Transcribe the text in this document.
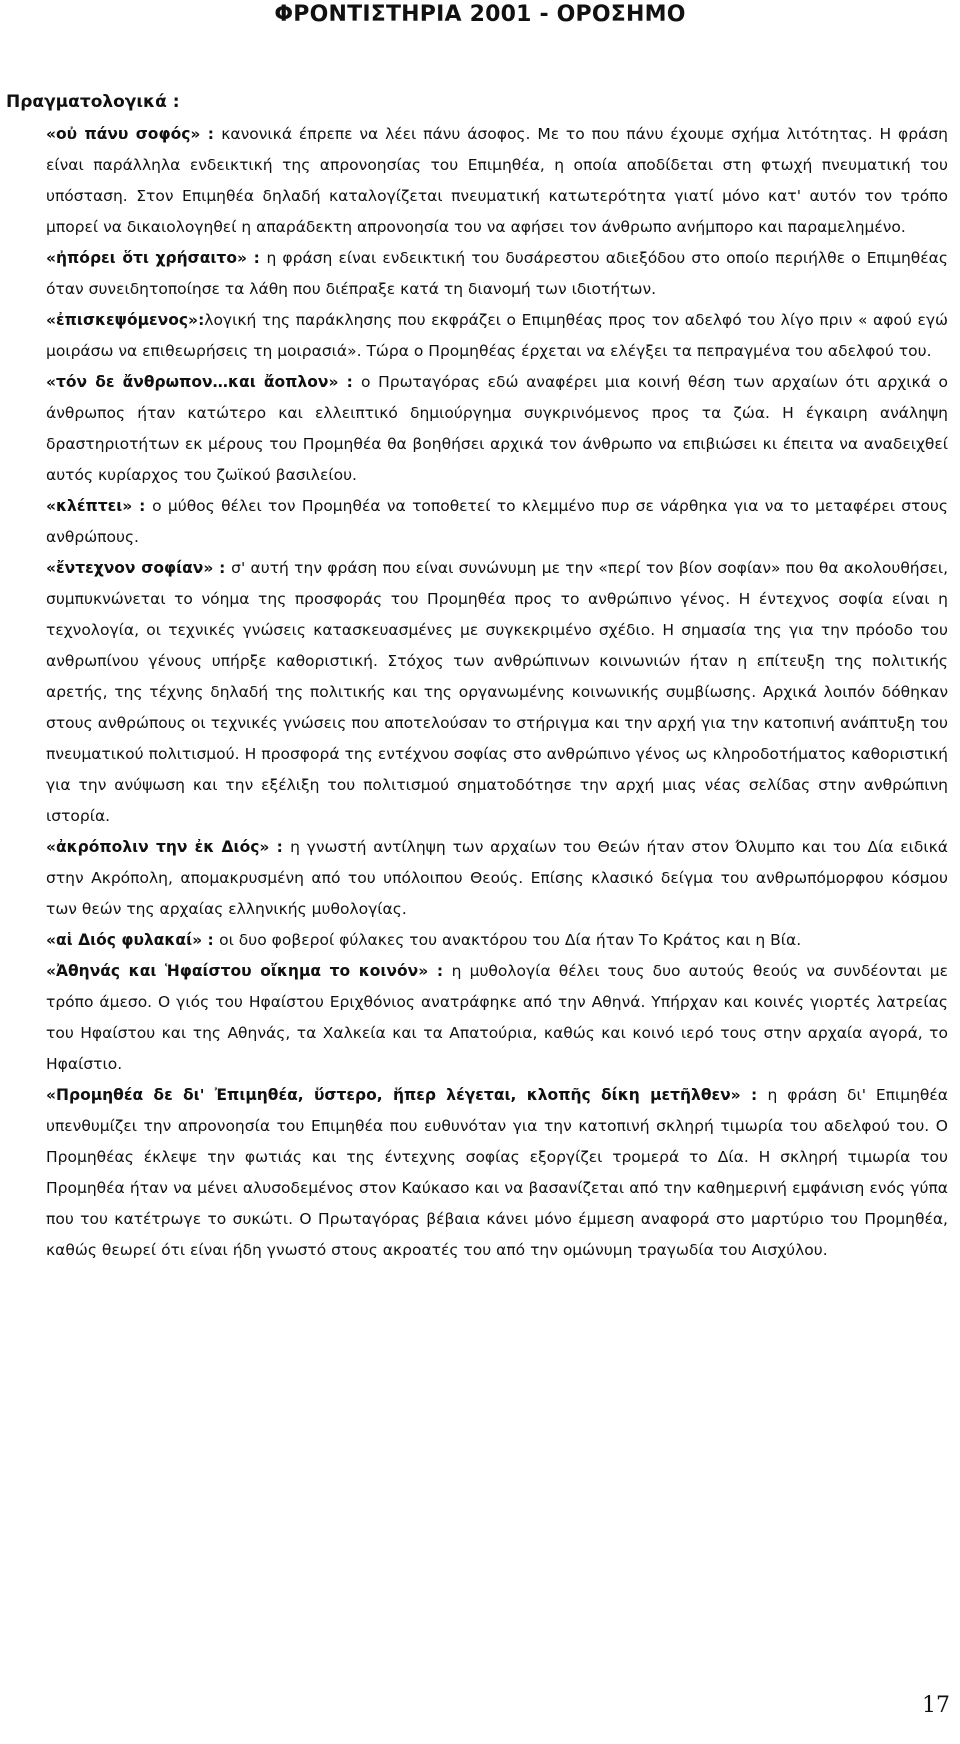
ΦΡΟΝΤΙΣΤΗΡΙΑ 2001 - ΟΡΟΣΗΜΟ
Πραγματολογικά :

«οὐ πάνυ σοφός» : κανονικά έπρεπε να λέει πάνυ άσοφος. Με το που πάνυ έχουμε σχήμα λιτότητας. Η φράση είναι παράλληλα ενδεικτική της απρονοησίας του Επιμηθέα, η οποία αποδίδεται στη φτωχή πνευματική του υπόσταση. Στον Επιμηθέα δηλαδή καταλογίζεται πνευματική κατωτερότητα γιατί μόνο κατ' αυτόν τον τρόπο μπορεί να δικαιολογηθεί η απαράδεκτη απρονοησία του να αφήσει τον άνθρωπο ανήμπορο και παραμελημένο.

«ἠπόρει ὅτι χρήσαιτο» : η φράση είναι ενδεικτική του δυσάρεστου αδιεξόδου στο οποίο περιήλθε ο Επιμηθέας όταν συνειδητοποίησε τα λάθη που διέπραξε κατά τη διανομή των ιδιοτήτων.

«ἐπισκεψόμενος»:λογική της παράκλησης που εκφράζει ο Επιμηθέας προς τον αδελφό του λίγο πριν « αφού εγώ μοιράσω να επιθεωρήσεις τη μοιρασιά». Τώρα ο Προμηθέας έρχεται να ελέγξει τα πεπραγμένα του αδελφού του.

«τόν δε ἄνθρωπον…και ἄοπλον» : ο Πρωταγόρας εδώ αναφέρει μια κοινή θέση των αρχαίων ότι αρχικά ο άνθρωπος ήταν κατώτερο και ελλειπτικό δημιούργημα συγκρινόμενος προς τα ζώα. Η έγκαιρη ανάληψη δραστηριοτήτων εκ μέρους του Προμηθέα θα βοηθήσει αρχικά τον άνθρωπο να επιβιώσει κι έπειτα να αναδειχθεί αυτός κυρίαρχος του ζωϊκού βασιλείου.

«κλέπτει» : ο μύθος θέλει τον Προμηθέα να τοποθετεί το κλεμμένο πυρ σε νάρθηκα για να το μεταφέρει στους ανθρώπους.

«ἔντεχνον σοφίαν» : σ' αυτή την φράση που είναι συνώνυμη με την «περί τον βίον σοφίαν» που θα ακολουθήσει, συμπυκνώνεται το νόημα της προσφοράς του Προμηθέα προς το ανθρώπινο γένος. Η έντεχνος σοφία είναι η τεχνολογία, οι τεχνικές γνώσεις κατασκευασμένες με συγκεκριμένο σχέδιο. Η σημασία της για την πρόοδο του ανθρωπίνου γένους υπήρξε καθοριστική. Στόχος των ανθρώπινων κοινωνιών ήταν η επίτευξη της πολιτικής αρετής, της τέχνης δηλαδή της πολιτικής και της οργανωμένης κοινωνικής συμβίωσης. Αρχικά λοιπόν δόθηκαν στους ανθρώπους οι τεχνικές γνώσεις που αποτελούσαν το στήριγμα και την αρχή για την κατοπινή ανάπτυξη του πνευματικού πολιτισμού. Η προσφορά της εντέχνου σοφίας στο ανθρώπινο γένος ως κληροδοτήματος καθοριστική για την ανύψωση και την εξέλιξη του πολιτισμού σηματοδότησε την αρχή μιας νέας σελίδας στην ανθρώπινη ιστορία.

«ἀκρόπολιν την ἐκ Διός» : η γνωστή αντίληψη των αρχαίων του Θεών ήταν στον Όλυμπο και του Δία ειδικά στην Ακρόπολη, απομακρυσμένη από του υπόλοιπου Θεούς. Επίσης κλασικό δείγμα του ανθρωπόμορφου κόσμου των θεών της αρχαίας ελληνικής μυθολογίας.

«αἱ Διός φυλακαί» : οι δυο φοβεροί φύλακες του ανακτόρου του Δία ήταν Το Κράτος και η Βία.

«Ἀθηνάς και Ἡφαίστου οἴκημα το κοινόν» : η μυθολογία θέλει τους δυο αυτούς θεούς να συνδέονται με τρόπο άμεσο. Ο γιός του Ηφαίστου Εριχθόνιος ανατράφηκε από την Αθηνά. Υπήρχαν και κοινές γιορτές λατρείας του Ηφαίστου και της Αθηνάς, τα Χαλκεία και τα Απατούρια, καθώς και κοινό ιερό τους στην αρχαία αγορά, το Ηφαίστιο.

«Προμηθέα δε δι' Ἐπιμηθέα, ὕστερο, ἥπερ λέγεται, κλοπῆς δίκη μετῆλθεν» : η φράση δι' Επιμηθέα υπενθυμίζει την απρονοησία του Επιμηθέα που ευθυνόταν για την κατοπινή σκληρή τιμωρία του αδελφού του. Ο Προμηθέας έκλεψε την φωτιάς και της έντεχνης σοφίας εξοργίζει τρομερά το Δία. Η σκληρή τιμωρία του Προμηθέα ήταν να μένει αλυσοδεμένος στον Καύκασο και να βασανίζεται από την καθημερινή εμφάνιση ενός γύπα που του κατέτρωγε το συκώτι. Ο Πρωταγόρας βέβαια κάνει μόνο έμμεση αναφορά στο μαρτύριο του Προμηθέα, καθώς θεωρεί ότι είναι ήδη γνωστό στους ακροατές του από την ομώνυμη τραγωδία του Αισχύλου.

17
